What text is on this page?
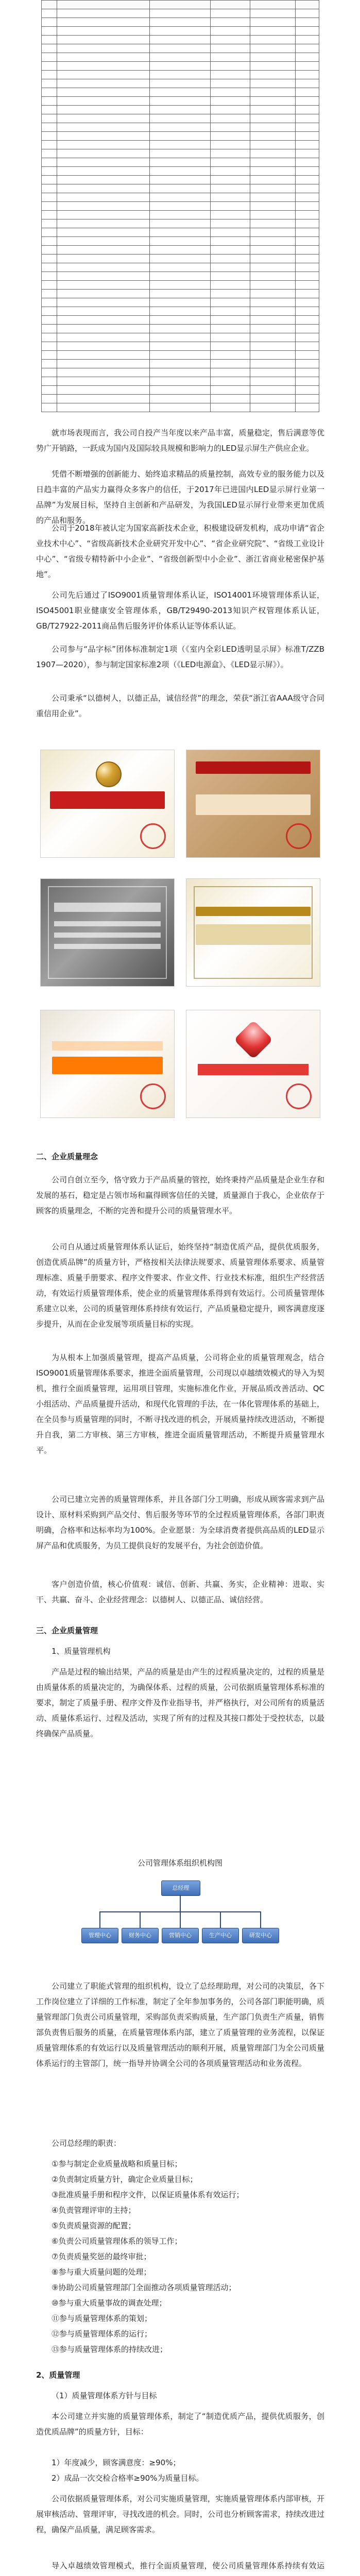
就市场表现而言，我公司自投产当年度以来产品丰富，质量稳定，售后满意等优势广开销路，一跃成为国内及国际较具规模和影响力的LED显示屏生产供应企业。
凭借不断增强的创新能力、始终追求精品的质量控制，高效专业的服务能力以及日趋丰富的产品实力赢得众多客户的信任，于2017年已进国内LED显示屏行业第一品牌”为发展目标，坚持自主创新和产品研发，为我国LED显示屏行业带来更加优质的产品和服务。
公司于2018年被认定为国家高新技术企业，积极建设研发机构，成功申请“省企业技术中心”、“省级高新技术企业研究开发中心”、“省企业研究院”、“省级工业设计中心”、“省级专精特新中小企业”、“省级创新型中小企业”、浙江省商业秘密保护基地”。
公司先后通过了ISO9001质量管理体系认证，ISO14001环境管理体系认证，ISO45001职业健康安全管理体系，GB/T29490-2013知识产权管理体系认证，GB/T27922-2011商品售后服务评价体系认证等体系认证。
公司参与“品字标”团体标准制定1项（《室内全彩LED透明显示屏》标准T/ZZB 1907—2020），参与制定国家标准2项（《LED电源盒》、《LED显示屏》）。
公司秉承“以德树人，以德正品，诚信经营”的理念，荣获“浙江省AAA级守合同重信用企业”。
二、企业质量理念
公司自创立至今，恪守致力于产品质量的管控，始终秉持产品质量是企业生存和发展的基石，稳定是占领市场和赢得顾客信任的关键，质量源自于我心，企业依存于顾客的质量理念，不断的完善和提升公司的质量管理水平。
公司自从通过质量管理体系认证后，始终坚持“制造优质产品，提供优质服务，创造优质品牌”的质量方针，严格按相关法律法规要求、质量管理体系要求、质量管理标准、质量手册要求、程序文件要求、作业文件、行业技术标准，组织生产经营活动，有效运行质量管理体系，使企业的质量管理体系得到有效运行。公司质量管理体系建立以来，公司的质量管理体系持续有效运行，产品质量稳定提升，顾客满意度逐步提升，从而在企业发展等项质量目标的实现。
为从根本上加强质量管理，提高产品质量，公司将企业的质量管理观念，结合ISO9001质量管理体系要求，推进全面质量管理，公司现以卓越绩效模式的导入为契机，推行全面质量管理，运用项目管理，实施标准化作业，开展品质改善活动、QC小组活动、产品质量提升活动，和现代化管理的手法，在一体化管理体系的基础上，在全员参与质量管理的同时，不断寻找改进的机会，开展质量持续改进活动，不断提升自我，第二方审核、第三方审核，推进全面质量管理活动，不断提升质量管理水平。
公司已建立完善的质量管理体系，并且各部门分工明确，形成从顾客需求到产品设计、原材料采购到产品交付、售后服务等环节的全过程质量管理体系，各部门职责明确，合格率和达标率均为100%。企业愿景：为全球消费者提供高品质的LED显示屏产品和优质服务，为员工提供良好的发展平台，为社会创造价值。
客户创造价值，核心价值观：诚信、创新、共赢、务实，企业精神：进取、实干、共赢、奋斗、企业经营理念：以德树人、以德正品、诚信经营。
三、企业质量管理
1、质量管理机构
产品是过程的输出结果，产品的质量是由产生的过程质量决定的，过程的质量是由质量体系的质量决定的，为确保体系、过程的质量，公司依据质量管理体系标准的要求，制定了质量手册、程序文件及作业指导书，并严格执行，对公司所有的质量活动、质量体系运行、过程及活动，实现了所有的过程及其接口都处于受控状态，以最终确保产品质量。
公司管理体系组织机构图
总经理
管理中心	财务中心	营销中心	生产中心	研发中心
公司建立了职能式管理的组织机构，设立了总经理助理，对公司的决策层，各下工作岗位建立了详细的工作标准，制定了全年参加事务的，公司各部门职能明确，质量管理部门负责公司质量管理，采购部负责采购质量，生产部门负责生产质量，销售部负责售后服务的质量，在质量管理体系内部，建立了质量管理的业务流程，以保证质量管理体系的有效运行以及质量管理活动的顺利开展，质量管理部门为全公司质量体系运行的主管部门，统一指导并协调全公司的各项质量管理活动和业务流程。
公司总经理的职责：
①参与制定企业质量战略和质量目标；
②负责制定质量方针，确定企业质量目标；
③批准质量手册和程序文件，以保证质量体系有效运行；
④负责管理评审的主持；
⑤负责质量资源的配置；
⑥负责公司质量管理体系的领导工作；
⑦负责质量奖惩的最终审批；
⑧参与重大质量问题的处理；
⑨协助公司质量管理部门全面推动各项质量管理活动；
⑩参与重大质量事故的调查处理；
⑪参与质量管理体系的策划；
⑫参与质量管理体系的运行；
⑬参与质量管理体系的持续改进；
2、质量管理
（1）质量管理体系方针与目标
本公司建立并实施的质量管理体系，制定了“制造优质产品，提供优质服务，创造优质品牌”的质量方针，目标：
1）年度减少，顾客满意度：≥90%；
2）成品一次交检合格率≥90%为质量目标。
公司依据质量管理体系，对公司实施质量管理，实施质量管理体系内部审核，开展审核活动、管理评审，寻找改进的机会。同时，公司也分析顾客需求，持续改进过程，确保产品质量，满足顾客需求。
导入卓越绩效管理模式，推行全面质量管理，使公司质量管理体系持续有效运
